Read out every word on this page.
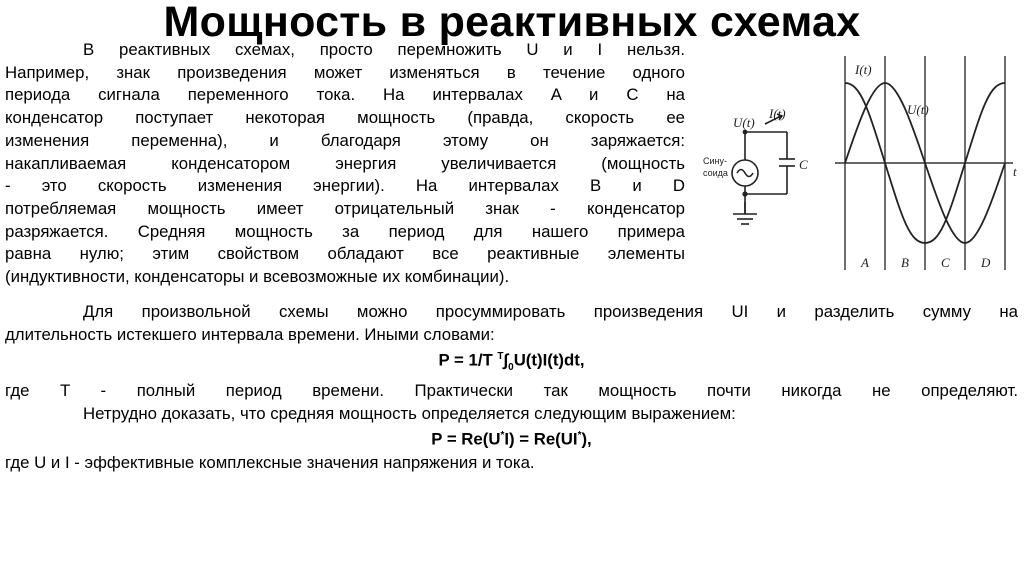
Мощность в реактивных схемах
В реактивных схемах, просто перемножить U и I нельзя.
Например, знак произведения может изменяться в течение одного
периода сигнала переменного тока. На интервалах A и C на
конденсатор поступает некоторая мощность (правда, скорость ее
изменения переменна), и благодаря этому он заряжается:
накапливаемая конденсатором энергия увеличивается (мощность
- это скорость изменения энергии). На интервалах B и D
потребляемая мощность имеет отрицательный знак - конденсатор
разряжается. Средняя мощность за период для нашего примера
равна нулю; этим свойством обладают все реактивные элементы
(индуктивности, конденсаторы и всевозможные их комбинации).
U(t)
I(t)
C
Сину-
соида	t
I(t)
U(t)
A B C D
Для произвольной схемы можно просуммировать произведения UI и разделить сумму на
длительность истекшего интервала времени. Иными словами:
P = 1/T $^T\int_0U(t)I(t)dt$,
где T - полный период времени. Практически так мощность почти никогда не определяют.
Нетрудно доказать, что средняя мощность определяется следующим выражением:
P = Re(U*I) = Re(UI*),
где U и I - эффективные комплексные значения напряжения и тока.
